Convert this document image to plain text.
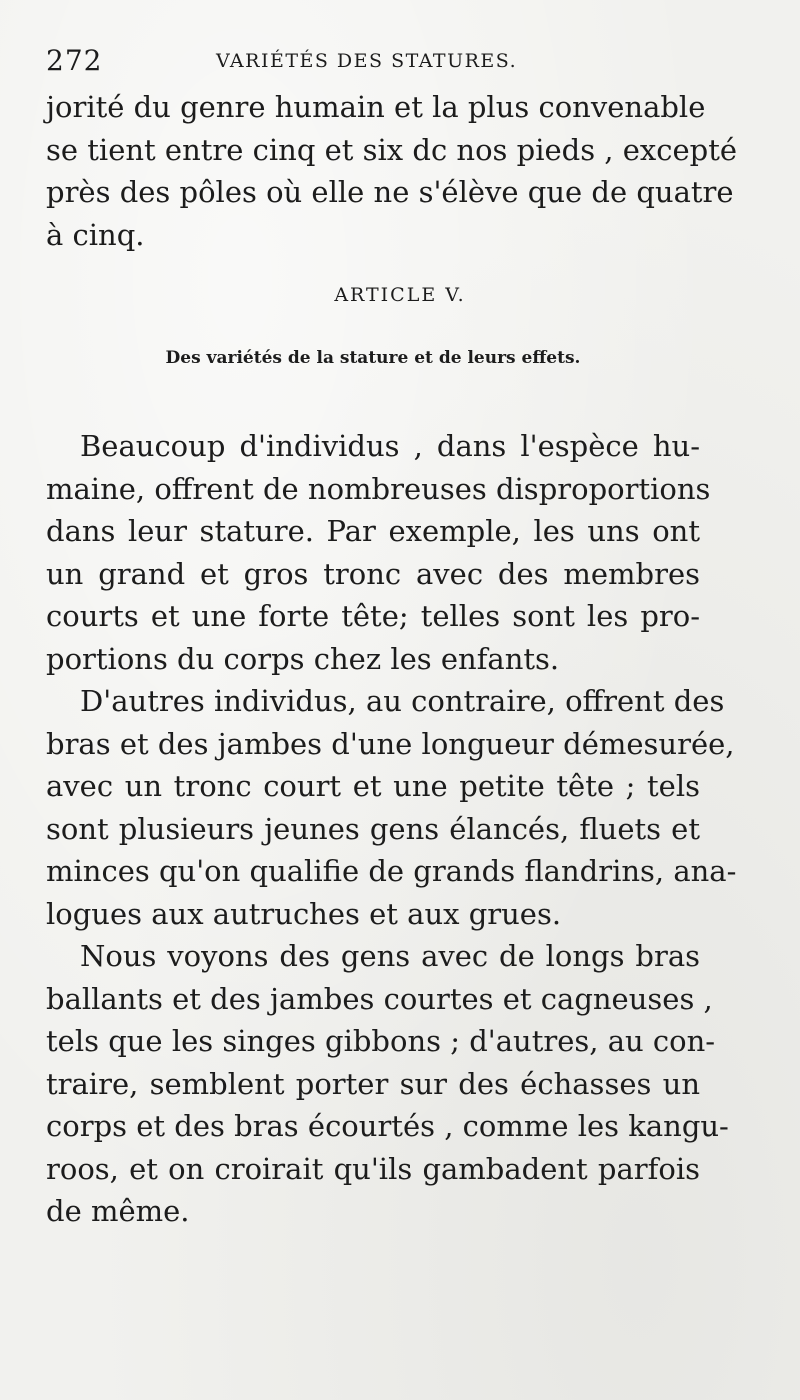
272	VARIÉTÉS DES STATURES.
jorité du genre humain et la plus convenable
se tient entre cinq et six dc nos pieds , excepté
près des pôles où elle ne s'élève que de quatre
à cinq.
ARTICLE V.
Des variétés de la stature et de leurs effets.
Beaucoup d'individus , dans l'espèce hu-
maine, offrent de nombreuses disproportions
dans leur stature. Par exemple, les uns ont
un grand et gros tronc avec des membres
courts et une forte tête; telles sont les pro-
portions du corps chez les enfants.
D'autres individus, au contraire, offrent des
bras et des jambes d'une longueur démesurée,
avec un tronc court et une petite tête ; tels
sont plusieurs jeunes gens élancés, fluets et
minces qu'on qualifie de grands flandrins, ana-
logues aux autruches et aux grues.
Nous voyons des gens avec de longs bras
ballants et des jambes courtes et cagneuses ,
tels que les singes gibbons ; d'autres, au con-
traire, semblent porter sur des échasses un
corps et des bras écourtés , comme les kangu-
roos, et on croirait qu'ils gambadent parfois
de même.
